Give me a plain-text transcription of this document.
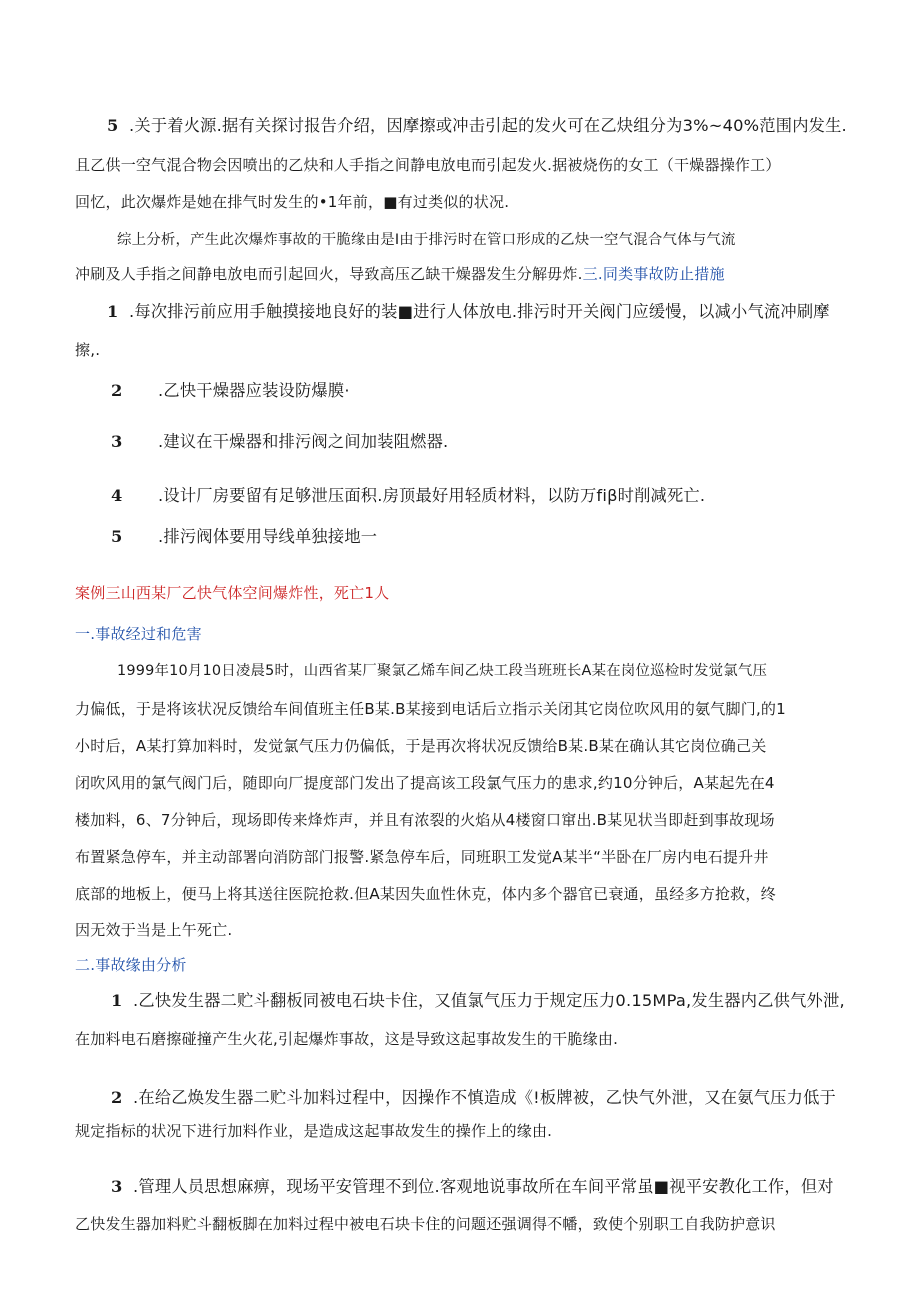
5 .关于着火源.据有关探讨报告介绍，因摩擦或冲击引起的发火可在乙炔组分为3%~40%范围内发生.
且乙供一空气混合物会因喷出的乙炔和人手指之间静电放电而引起发火.据被烧伤的女工（干燥器操作工）
回忆，此次爆炸是她在排气时发生的•1年前，■有过类似的状况.
综上分析，产生此次爆炸事故的干脆缘由是I由于排污时在管口形成的乙炔一空气混合气体与气流
冲刷及人手指之间静电放电而引起回火，导致高压乙缺干燥器发生分解毋炸.三.同类事故防止措施
1 .每次排污前应用手触摸接地良好的装■进行人体放电.排污时开关阀门应缓慢，以减小气流冲刷摩
擦,.
2 .乙快干燥器应装设防爆膜·
3 .建议在干燥器和排污阀之间加装阻燃器.
4 .设计厂房要留有足够泄压面积.房顶最好用轻质材料，以防万fiβ时削减死亡.
5 .排污阀体要用导线单独接地一
案例三山西某厂乙快气体空间爆炸性，死亡1人
一.事故经过和危害
1999年10月10日凌晨5时，山西省某厂聚氯乙烯车间乙炔工段当班班长A某在岗位巡检时发觉氯气压
力偏低，于是将该状况反馈给车间值班主任B某.B某接到电话后立指示关闭其它岗位吹风用的氨气脚门,的1
小时后，A某打算加料时，发觉氯气压力仍偏低，于是再次将状况反馈给B某.B某在确认其它岗位确己关
闭吹风用的氯气阀门后，随即向厂提度部门发出了提高该工段氯气压力的患求,约10分钟后，A某起先在4
楼加料，6、7分钟后，现场即传来烽炸声，并且有浓裂的火焰从4楼窗口窜出.B某见状当即赶到事故现场
布置紧急停车，并主动部署向消防部门报警.紧急停车后，同班职工发觉A某半“半卧在厂房内电石提升井
底部的地板上，便马上将其送往医院抢救.但A某因失血性休克，体内多个器官已衰通，虽经多方抢救，终
因无效于当是上午死亡.
二.事故缘由分析
1 .乙快发生器二贮斗翻板同被电石块卡住，又值氯气压力于规定压力0.15MPa,发生器内乙供气外泄,
在加料电石磨擦碰撞产生火花,引起爆炸事故，这是导致这起事故发生的干脆缘由.
2 .在给乙焕发生器二贮斗加料过程中，因操作不慎造成《!板牌被，乙快气外泄，又在氨气压力低于
规定指标的状况下进行加料作业，是造成这起事故发生的操作上的缘由.
3 .管理人员思想麻痹，现场平安管理不到位.客观地说事故所在车间平常虽■视平安教化工作，但对
乙快发生器加料贮斗翻板脚在加料过程中被电石块卡住的问题还强调得不幡，致使个别职工自我防护意识
